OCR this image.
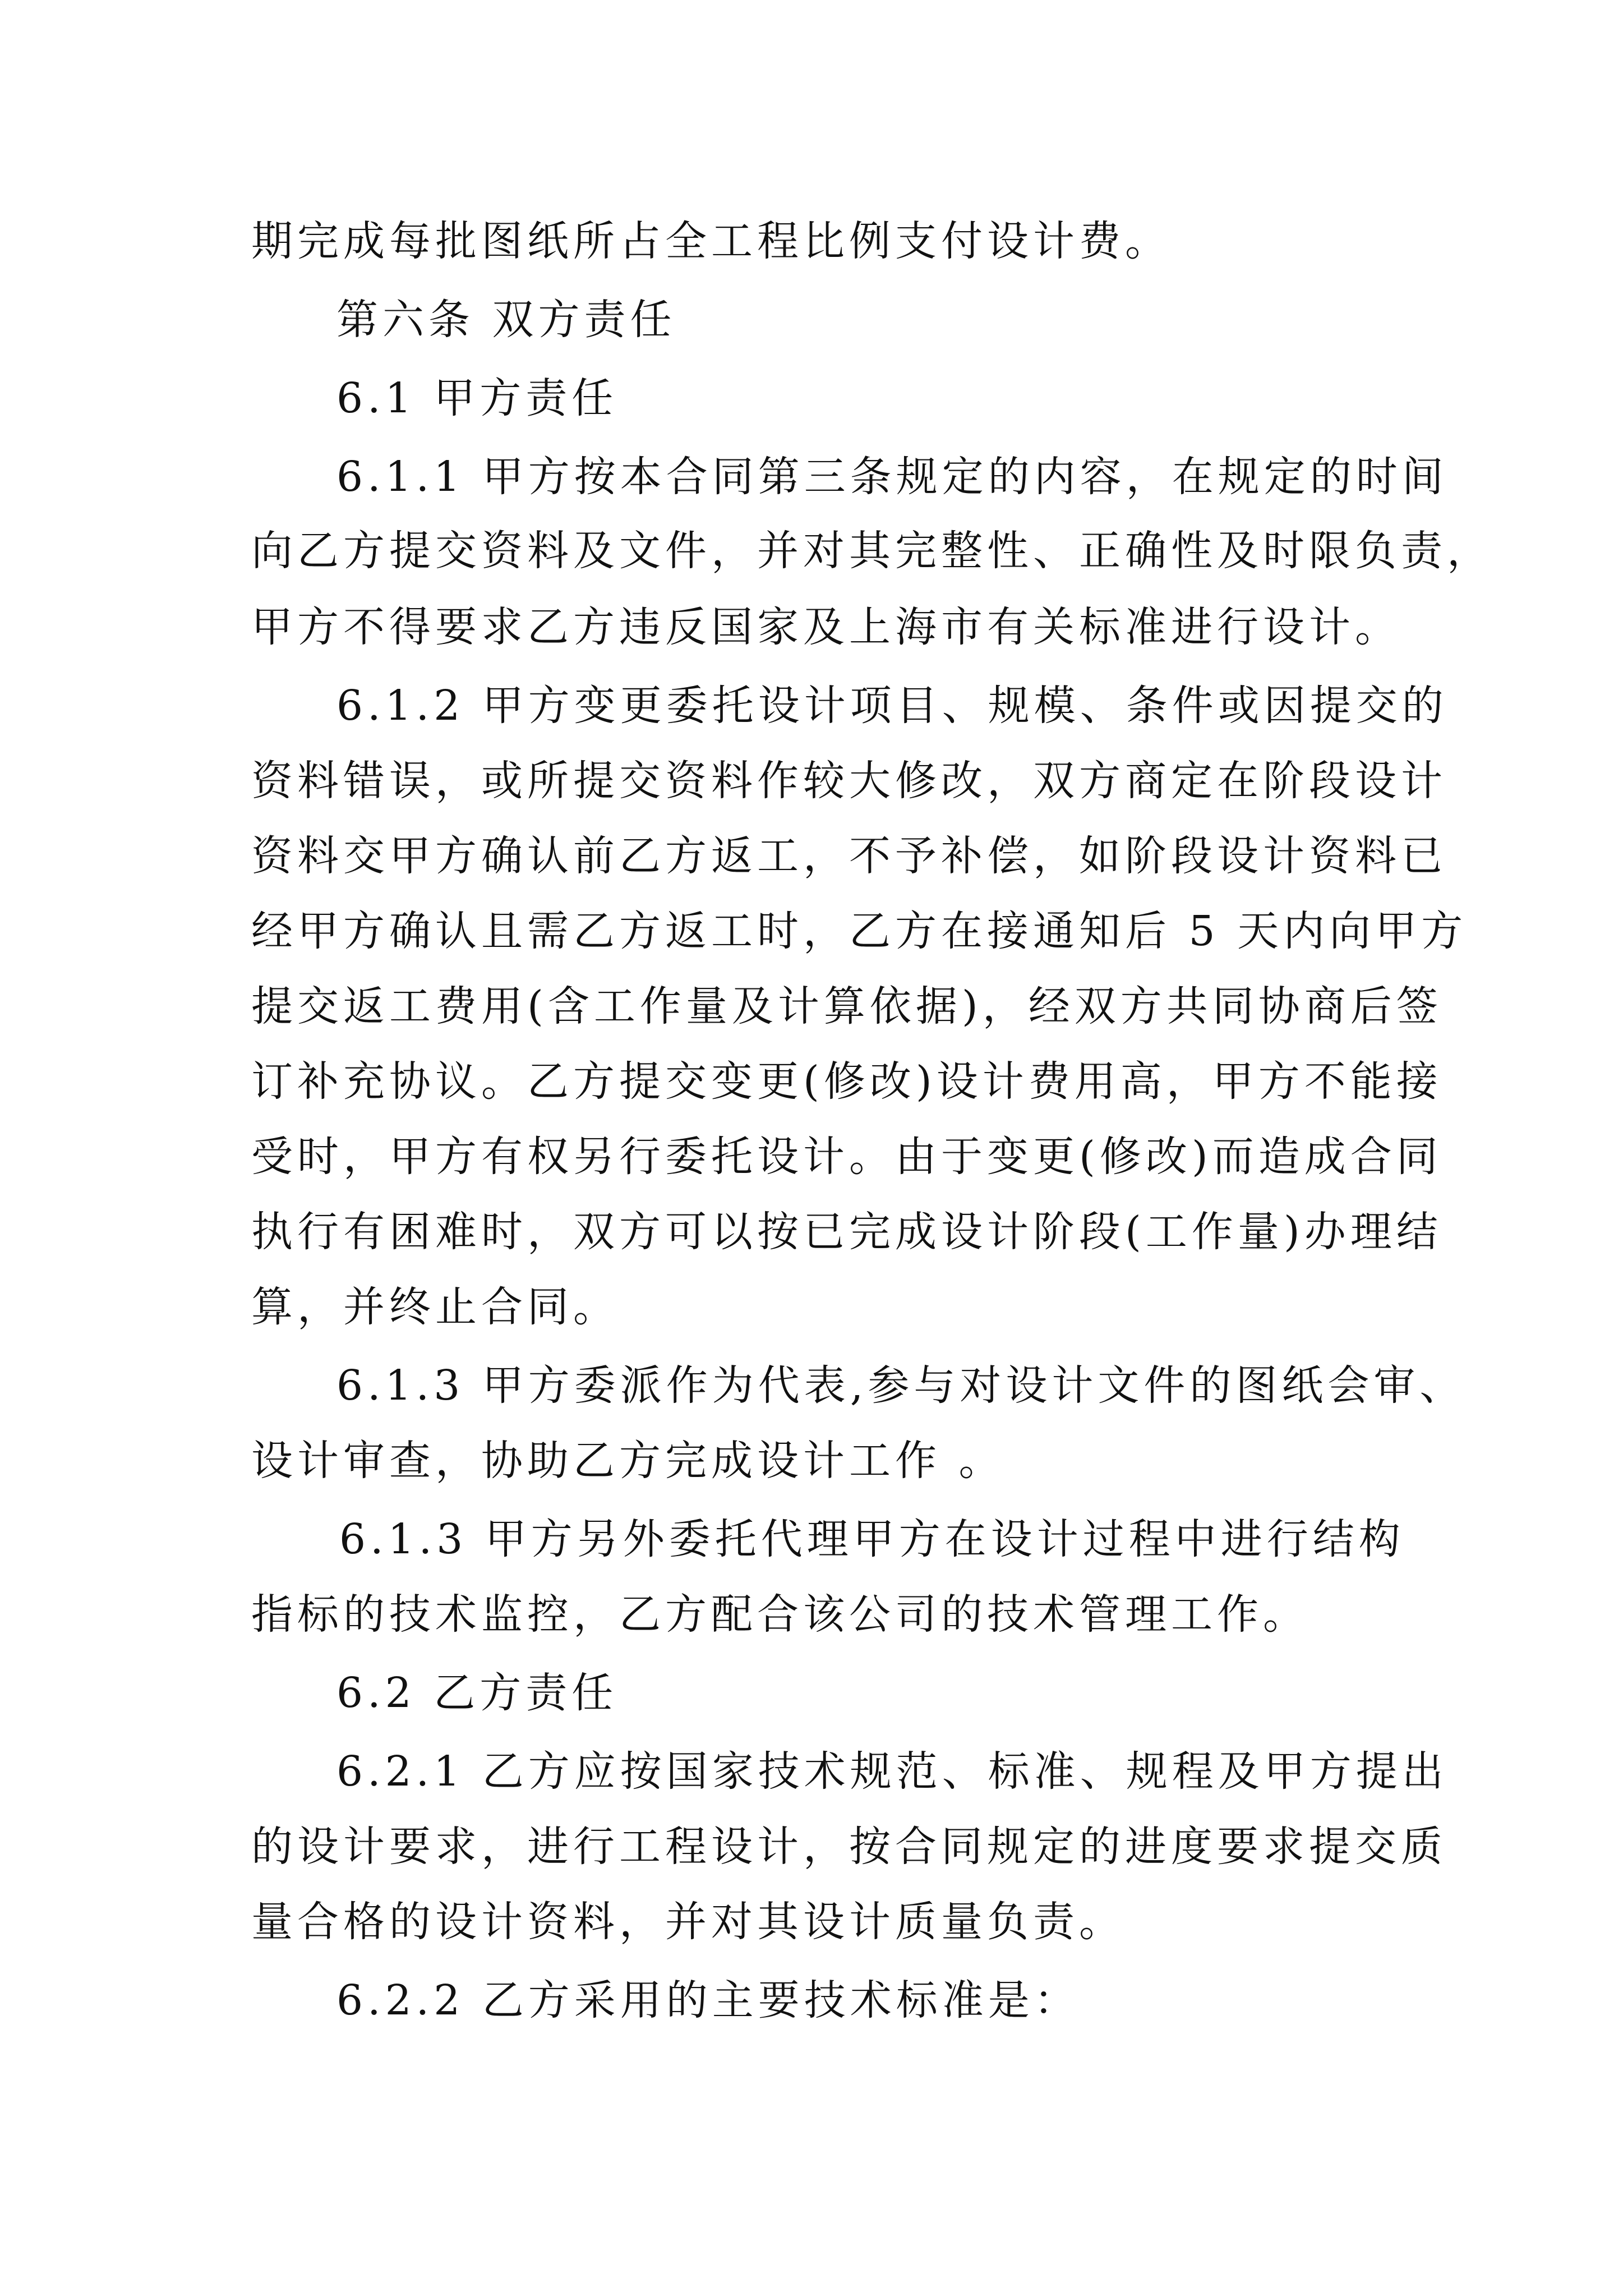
期完成每批图纸所占全工程比例支付设计费。
第六条 双方责任
6.1 甲方责任
6.1.1 甲方按本合同第三条规定的内容，在规定的时间
向乙方提交资料及文件，并对其完整性、正确性及时限负责，
甲方不得要求乙方违反国家及上海市有关标准进行设计。
6.1.2 甲方变更委托设计项目、规模、条件或因提交的
资料错误，或所提交资料作较大修改，双方商定在阶段设计
资料交甲方确认前乙方返工，不予补偿，如阶段设计资料已
经甲方确认且需乙方返工时，乙方在接通知后 5 天内向甲方
提交返工费用(含工作量及计算依据)，经双方共同协商后签
订补充协议。乙方提交变更(修改)设计费用高，甲方不能接
受时，甲方有权另行委托设计。由于变更(修改)而造成合同
执行有困难时，双方可以按已完成设计阶段(工作量)办理结
算，并终止合同。
6.1.3 甲方委派作为代表,参与对设计文件的图纸会审、
设计审查，协助乙方完成设计工作 。
6.1.3 甲方另外委托代理甲方在设计过程中进行结构
指标的技术监控，乙方配合该公司的技术管理工作。
6.2 乙方责任
6.2.1 乙方应按国家技术规范、标准、规程及甲方提出
的设计要求，进行工程设计，按合同规定的进度要求提交质
量合格的设计资料，并对其设计质量负责。
6.2.2 乙方采用的主要技术标准是：
